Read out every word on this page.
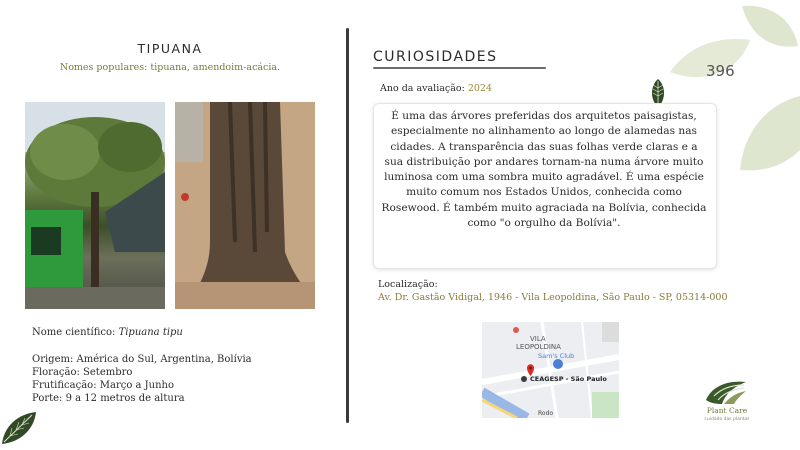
396
TIPUANA
Nomes populares: tipuana, amendoim-acácia.
Nome científico: Tipuana tipu
Origem: América do Sul, Argentina, Bolívia
Floração: Setembro
Frutificação: Março a Junho
Porte: 9 a 12 metros de altura
CURIOSIDADES
Ano da avaliação: 2024
É uma das árvores preferidas dos arquitetos paisagistas, especialmente no alinhamento ao longo de alamedas nas cidades. A transparência das suas folhas verde claras e a sua distribuição por andares tornam-na numa árvore muito luminosa com uma sombra muito agradável. É uma espécie muito comum nos Estados Unidos, conhecida como Rosewood. É também muito agraciada na Bolívia, conhecida como "o orgulho da Bolívia".
Localização:
Av. Dr. Gastão Vidigal, 1946 - Vila Leopoldina, São Paulo - SP, 05314-000
VILA
LEOPOLDINA
Sam's Club
CEAGESP - São Paulo
Rodo	Plant Care
cuidado das plantas
